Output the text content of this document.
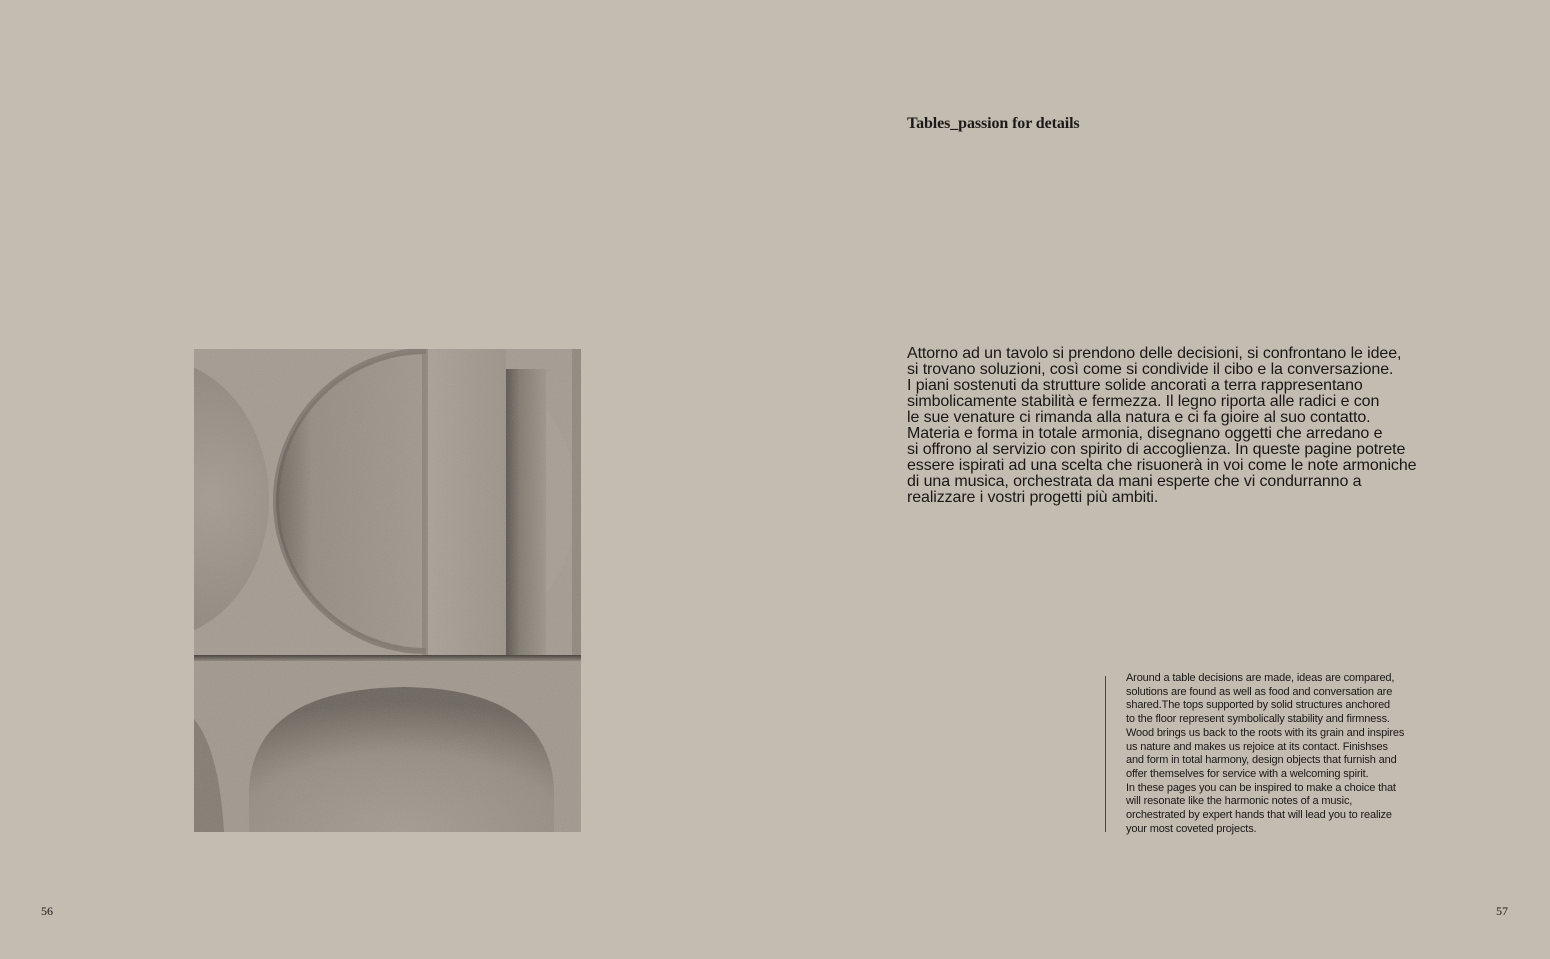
Tables_passion for details

Attorno ad un tavolo si prendono delle decisioni, si confrontano le idee,
si trovano soluzioni, così come si condivide il cibo e la conversazione.
I piani sostenuti da strutture solide ancorati a terra rappresentano
simbolicamente stabilità e fermezza. Il legno riporta alle radici e con
le sue venature ci rimanda alla natura e ci fa gioire al suo contatto.
Materia e forma in totale armonia, disegnano oggetti che arredano e
si offrono al servizio con spirito di accoglienza. In queste pagine potrete
essere ispirati ad una scelta che risuonerà in voi come le note armoniche
di una musica, orchestrata da mani esperte che vi condurranno a
realizzare i vostri progetti più ambiti.

Around a table decisions are made, ideas are compared,
solutions are found as well as food and conversation are
shared.The tops supported by solid structures anchored
to the floor represent symbolically stability and firmness.
Wood brings us back to the roots with its grain and inspires
us nature and makes us rejoice at its contact. Finishses
and form in total harmony, design objects that furnish and
offer themselves for service with a welcoming spirit.
In these pages you can be inspired to make a choice that
will resonate like the harmonic notes of a music,
orchestrated by expert hands that will lead you to realize
your most coveted projects.

56	57
